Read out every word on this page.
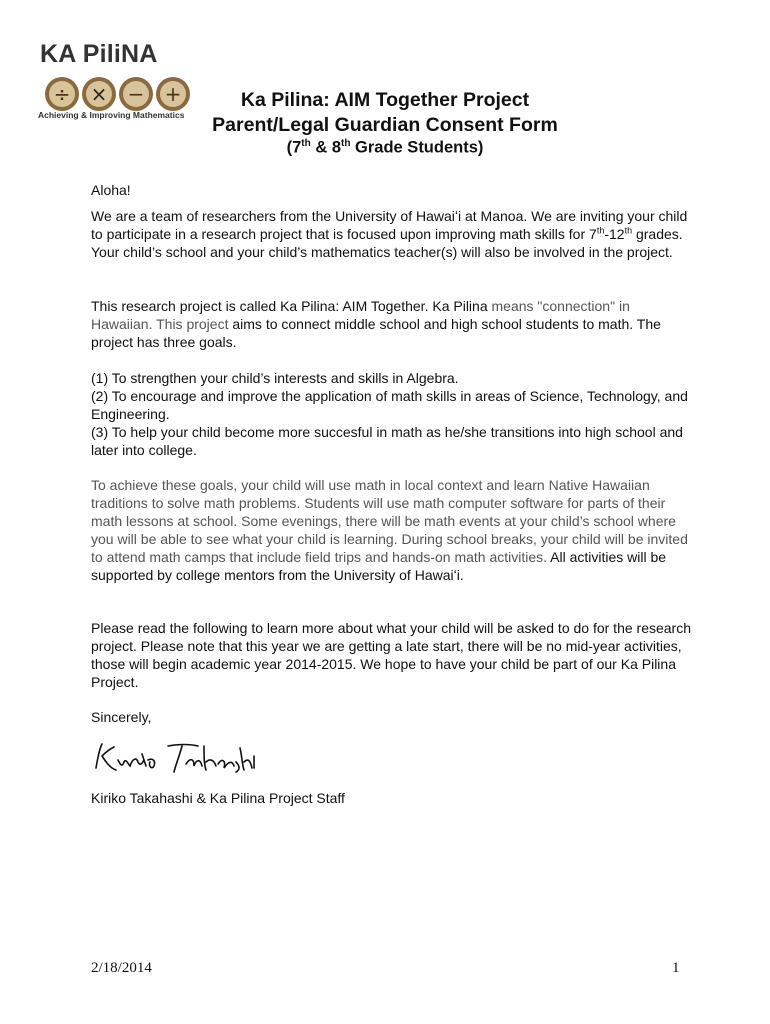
KA PiliNA
÷ × − +
Achieving & Improving Mathematics
Ka Pilina: AIM Together Project
Parent/Legal Guardian Consent Form
(7th & 8th Grade Students)

Aloha!

We are a team of researchers from the University of Hawaiʻi at Manoa. We are inviting your child to participate in a research project that is focused upon improving math skills for 7th-12th grades. Your child’s school and your child’s mathematics teacher(s) will also be involved in the project.

This research project is called Ka Pilina: AIM Together. Ka Pilina means "connection" in Hawaiian. This project aims to connect middle school and high school students to math. The project has three goals.

(1) To strengthen your child’s interests and skills in Algebra.
(2) To encourage and improve the application of math skills in areas of Science, Technology, and Engineering.
(3) To help your child become more succesful in math as he/she transitions into high school and later into college.

To achieve these goals, your child will use math in local context and learn Native Hawaiian traditions to solve math problems. Students will use math computer software for parts of their math lessons at school. Some evenings, there will be math events at your child’s school where you will be able to see what your child is learning. During school breaks, your child will be invited to attend math camps that include field trips and hands-on math activities. All activities will be supported by college mentors from the University of Hawaiʻi.

Please read the following to learn more about what your child will be asked to do for the research project. Please note that this year we are getting a late start, there will be no mid-year activities, those will begin academic year 2014-2015. We hope to have your child be part of our Ka Pilina Project.

Sincerely,

Kiriko Takahashi & Ka Pilina Project Staff

2/18/2014	1
